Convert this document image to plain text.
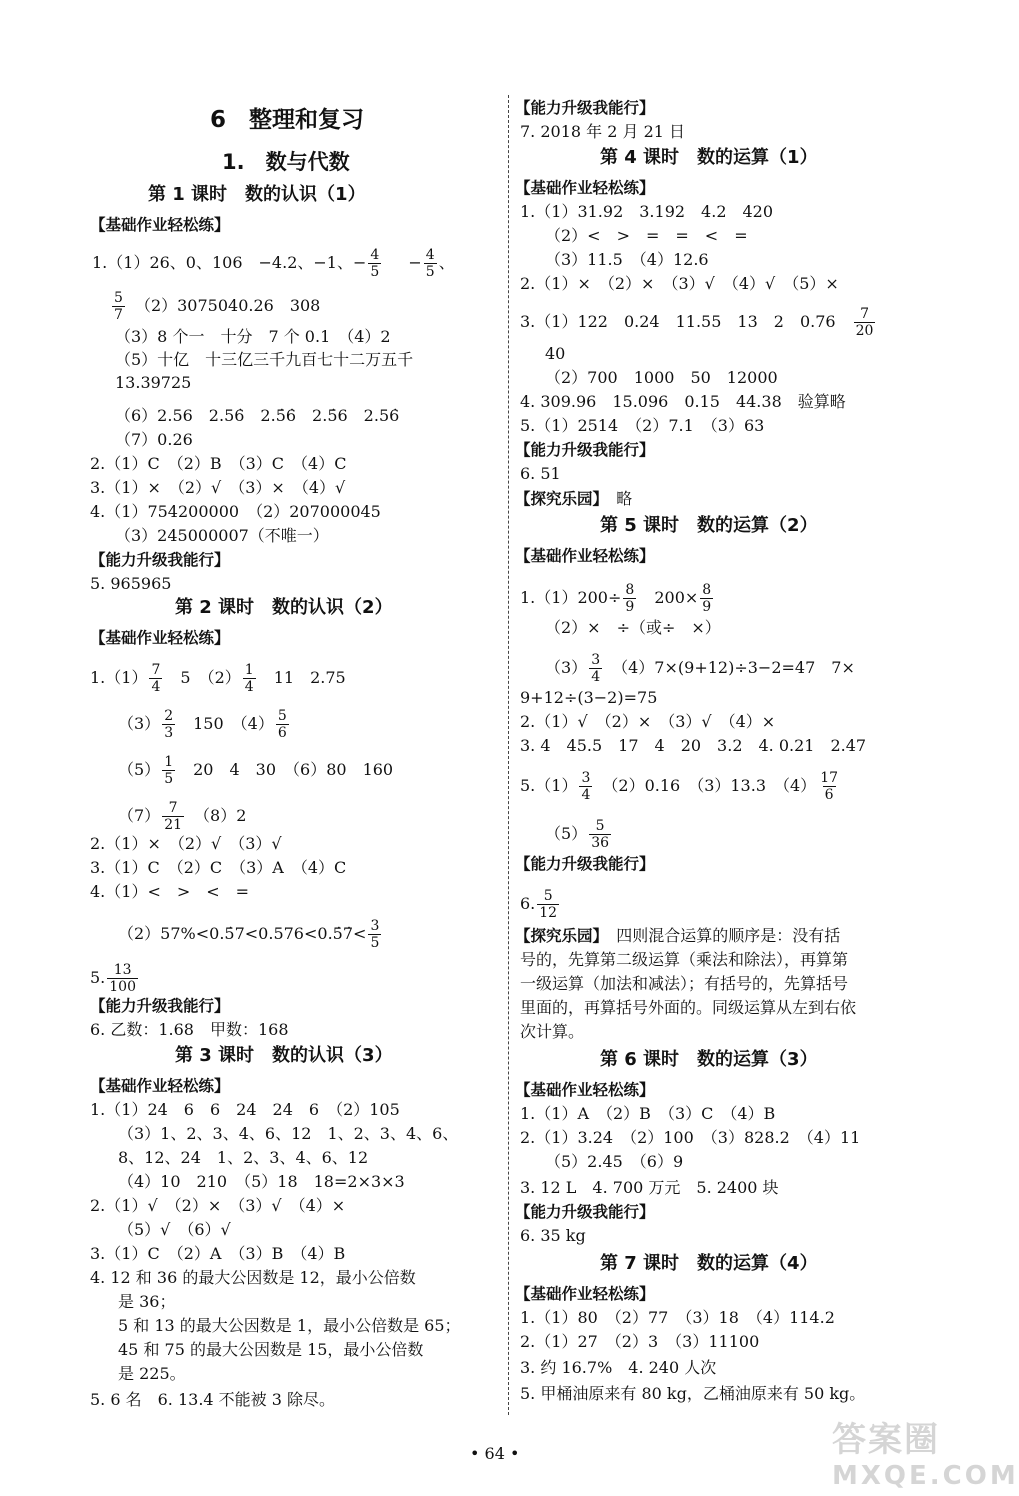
6　整理和复习
1.　数与代数
第 1 课时　数的认识（1）
【基础作业轻松练】
1.（1）26、0、106　−4.2、−1、− $\frac{4}{5} - \frac{4}{5}$ 、
$\frac{5}{7}$
　 （2）3075040.26　308
（3）8 个一　十分　7 个 0.1　（4）2
（5）十亿　十三亿三千九百七十二万五千
13.39725
（6）2.56　2.56̇　2.5̇6̇　2.5̇6　2.56̇
（7）0.26
2.（1）C　（2）B　（3）C　（4）C
3.（1）×　（2）√　（3）×　（4）√
4.（1）754200000　（2）207000045
（3）245000007（不唯一）
【能力升级我能行】
5. 965965
第 2 课时　数的认识（2）
【基础作业轻松练】
$1.(1) \frac{7}{4}$
　 5　$(2) \frac{1}{4}$
　 11　2.75
$(3) \frac{2}{3}$
　 150　$(4) \frac{5}{6}$
$(5) \frac{1}{5}$
　 20　4　30　（6）80　160
$(7) \frac{7}{21}$
　 （8）2
2.（1）×　（2）√　（3）√
3.（1）C　（2）C　（3）A　（4）C
4.（1）<　>　<　=
（2）57%<0.5̇7<0.576<0.5̇7̇< $\frac{3}{5}$
5. $\frac{13}{100}$
【能力升级我能行】
6. 乙数：1.68　甲数：168
第 3 课时　数的认识（3）
【基础作业轻松练】
1.（1）24　6　6　24　24　6　（2）105
（3）1、2、3、4、6、12　1、2、3、4、6、
8、12、24　1、2、3、4、6、12
（4）10　210　（5）18　18=2×3×3
2.（1）√　（2）×　（3）√　（4）×
（5）√　（6）√
3.（1）C　（2）A　（3）B　（4）B
4. 12 和 36 的最大公因数是 12，最小公倍数
是 36；
5 和 13 的最大公因数是 1，最小公倍数是 65；
45 和 75 的最大公因数是 15，最小公倍数
是 225。
5. 6 名　6. 13.4 不能被 3 除尽。
【能力升级我能行】
7. 2018 年 2 月 21 日
第 4 课时　数的运算（1）
【基础作业轻松练】
1.（1）31.92　3.192　4.2　420
（2）<　>　=　=　<　=
（3）11.5　（4）12.6
2.（1）×　（2）×　（3）√　（4）√　（5）×
3.（1）122　0.24　11.55　13　2　0.76　 $\frac{7}{20}$
40
（2）700　1000　50　12000
4. 309.96　15.096　0.15　44.38　验算略
5.（1）2514　（2）7.1　（3）63
【能力升级我能行】
6. 51
【探究乐园】　 略
第 5 课时　数的运算（2）
【基础作业轻松练】
$1.(1)200\div \frac{8}{9}$
　 $200\times \frac{8}{9}$
（2）×　÷（或÷　×）
$(3) \frac{3}{4}$
　 （4）7×(9+12)÷3−2=47　7×
9+12÷(3−2)=75
2.（1）√　（2）×　（3）√　（4）×
3. 4　45.5　17　4　20　3.2　4. 0.21　2.47
$5.(1) \frac{3}{4}$
　 （2）0.16　（3）13.3　$(4) \frac{17}{6}$
$(5) \frac{5}{36}$
【能力升级我能行】
6. $\frac{5}{12}$
【探究乐园】　 四则混合运算的顺序是：没有括
号的，先算第二级运算（乘法和除法），再算第
一级运算（加法和减法）；有括号的，先算括号
里面的，再算括号外面的。同级运算从左到右依
次计算。
第 6 课时　数的运算（3）
【基础作业轻松练】
1.（1）A　（2）B　（3）C　（4）B
2.（1）3.24　（2）100　（3）828.2　（4）11
（5）2.45　（6）9
3. 12 L　4. 700 万元　5. 2400 块
【能力升级我能行】
6. 35 kg
第 7 课时　数的运算（4）
【基础作业轻松练】
1.（1）80　（2）77　（3）18　（4）114.2
2.（1）27　（2）3　（3）11100
3. 约 16.7%　4. 240 人次
5. 甲桶油原来有 80 kg，乙桶油原来有 50 kg。
• 64 •	答案圈
MXQE.COM
